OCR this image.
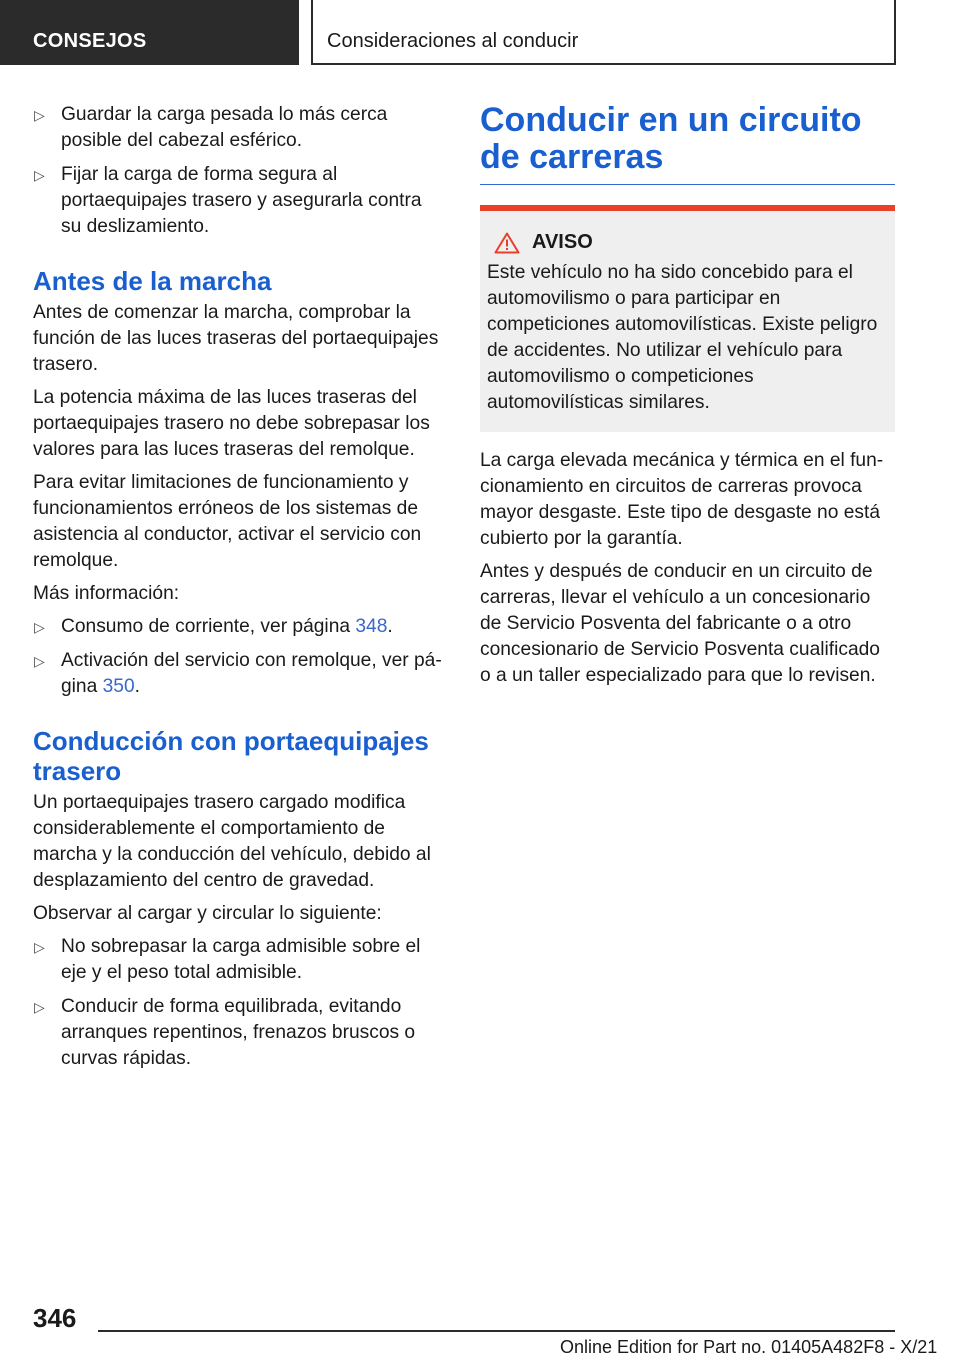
CONSEJOS	Consideraciones al conducir
▷ Guardar la carga pesada lo más cerca posible del cabezal esférico.
▷ Fijar la carga de forma segura al portaequipajes trasero y asegurarla contra su deslizamiento.
Antes de la marcha

Antes de comenzar la marcha, comprobar la función de las luces traseras del portaequipajes trasero.

La potencia máxima de las luces traseras del portaequipajes trasero no debe sobrepasar los valores para las luces traseras del remolque.

Para evitar limitaciones de funcionamiento y funcionamientos erróneos de los sistemas de asistencia al conductor, activar el servicio con remolque.

Más información:

▷ Consumo de corriente, ver página 348.
▷ Activación del servicio con remolque, ver página 350.
Conducción con portaequipajes trasero

Un portaequipajes trasero cargado modifica considerablemente el comportamiento de marcha y la conducción del vehículo, debido al desplazamiento del centro de gravedad.

Observar al cargar y circular lo siguiente:

▷ No sobrepasar la carga admisible sobre el eje y el peso total admisible.
▷ Conducir de forma equilibrada, evitando arranques repentinos, frenazos bruscos o curvas rápidas.
Conducir en un circuito de carreras
AVISO

Este vehículo no ha sido concebido para el automovilismo o para participar en competiciones automovilísticas. Existe peligro de accidentes. No utilizar el vehículo para automovilismo o competiciones automovilísticas similares.

La carga elevada mecánica y térmica en el funcionamiento en circuitos de carreras provoca mayor desgaste. Este tipo de desgaste no está cubierto por la garantía.

Antes y después de conducir en un circuito de carreras, llevar el vehículo a un concesionario de Servicio Posventa del fabricante o a otro concesionario de Servicio Posventa cualificado o a un taller especializado para que lo revisen.

346
Online Edition for Part no. 01405A482F8 - X/21
